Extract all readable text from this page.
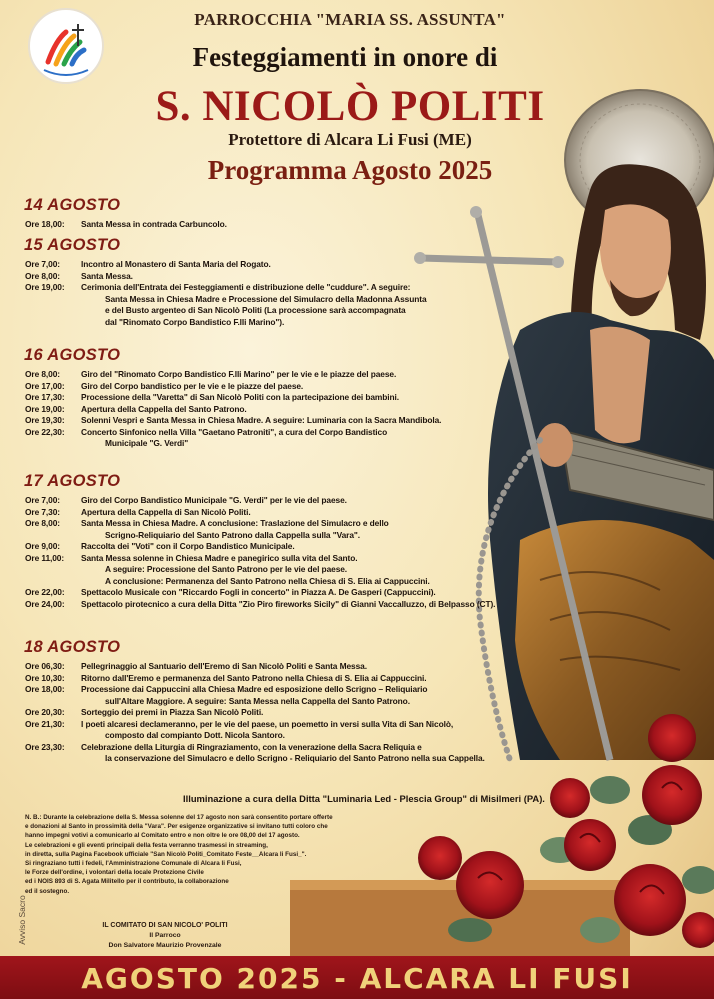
PARROCCHIA "MARIA SS. ASSUNTA"
Festeggiamenti in onore di
S. NICOLÒ POLITI
Protettore di Alcara Li Fusi (ME)
Programma Agosto 2025
14 AGOSTO
Ore 18,00: Santa Messa in contrada Carbuncolo.
15 AGOSTO
Ore 7,00:	Incontro al Monastero di Santa Maria del Rogato.
Ore 8,00:	Santa Messa.
Ore 19,00: Cerimonia dell'Entrata dei Festeggiamenti e distribuzione delle "cuddure". A seguire:
Santa Messa in Chiesa Madre e Processione del Simulacro della Madonna Assunta
e del Busto argenteo di San Nicolò Politi (La processione sarà accompagnata
dal "Rinomato Corpo Bandistico F.lli Marino").
16 AGOSTO
Ore 8,00:	Giro del "Rinomato Corpo Bandistico F.lli Marino" per le vie e le piazze del paese.
Ore 17,00: Giro del Corpo bandistico per le vie e le piazze del paese.
Ore 17,30: Processione della "Varetta" di San Nicolò Politi con la partecipazione dei bambini.
Ore 19,00: Apertura della Cappella del Santo Patrono.
Ore 19,30: Solenni Vespri e Santa Messa in Chiesa Madre. A seguire: Luminaria con la Sacra Mandibola.
Ore 22,30: Concerto Sinfonico nella Villa "Gaetano Patroniti", a cura del Corpo Bandistico
Municipale "G. Verdi"
17 AGOSTO
Ore 7,00:	Giro del Corpo Bandistico Municipale "G. Verdi" per le vie del paese.
Ore 7,30:	Apertura della Cappella di San Nicolò Politi.
Ore 8,00:	Santa Messa in Chiesa Madre. A conclusione: Traslazione del Simulacro e dello
Scrigno-Reliquiario del Santo Patrono dalla Cappella sulla "Vara".
Ore 9,00:	Raccolta dei "Voti" con il Corpo Bandistico Municipale.
Ore 11,00: Santa Messa solenne in Chiesa Madre e panegirico sulla vita del Santo.
A seguire: Processione del Santo Patrono per le vie del paese.
A conclusione: Permanenza del Santo Patrono nella Chiesa di S. Elia ai Cappuccini.
Ore 22,00: Spettacolo Musicale con "Riccardo Fogli in concerto" in Piazza A. De Gasperi (Cappuccini).
Ore 24,00: Spettacolo pirotecnico a cura della Ditta "Zio Piro fireworks Sicily" di Gianni Vaccalluzzo, di Belpasso (CT).
18 AGOSTO
Ore 06,30: Pellegrinaggio al Santuario dell'Eremo di San Nicolò Politi e Santa Messa.
Ore 10,30: Ritorno dall'Eremo e permanenza del Santo Patrono nella Chiesa di S. Elia ai Cappuccini.
Ore 18,00: Processione dai Cappuccini alla Chiesa Madre ed esposizione dello Scrigno – Reliquiario
sull'Altare Maggiore. A seguire: Santa Messa nella Cappella del Santo Patrono.
Ore 20,30: Sorteggio dei premi in Piazza San Nicolò Politi.
Ore 21,30: I poeti alcaresi declameranno, per le vie del paese, un poemetto in versi sulla Vita di San Nicolò,
composto dal compianto Dott. Nicola Santoro.
Ore 23,30: Celebrazione della Liturgia di Ringraziamento, con la venerazione della Sacra Reliquia e
la conservazione del Simulacro e dello Scrigno - Reliquiario del Santo Patrono nella sua Cappella.
Illuminazione a cura della Ditta "Luminaria Led - Plescia Group" di Misilmeri (PA).
N. B.: Durante la celebrazione della S. Messa solenne del 17 agosto non sarà consentito portare offerte
e donazioni al Santo in prossimità della "Vara". Per esigenze organizzative si invitano tutti coloro che
hanno impegni votivi a comunicarlo al Comitato entro e non oltre le ore 08,00 del 17 agosto.
Le celebrazioni e gli eventi principali della festa verranno trasmessi in streaming,
in diretta, sulla Pagina Facebook ufficiale "San Nicolò Politi_Comitato Feste__Alcara li Fusi_".
Si ringraziano tutti i fedeli, l'Amministrazione Comunale di Alcara li Fusi,
le Forze dell'ordine, i volontari della locale Protezione Civile
ed i NOIS 893 di S. Agata Militello per il contributo, la collaborazione
ed il sostegno.
Avviso Sacro	IL COMITATO DI SAN NICOLO' POLITI
Il Parroco
Don Salvatore Maurizio Provenzale
AGOSTO 2025 - ALCARA LI FUSI
